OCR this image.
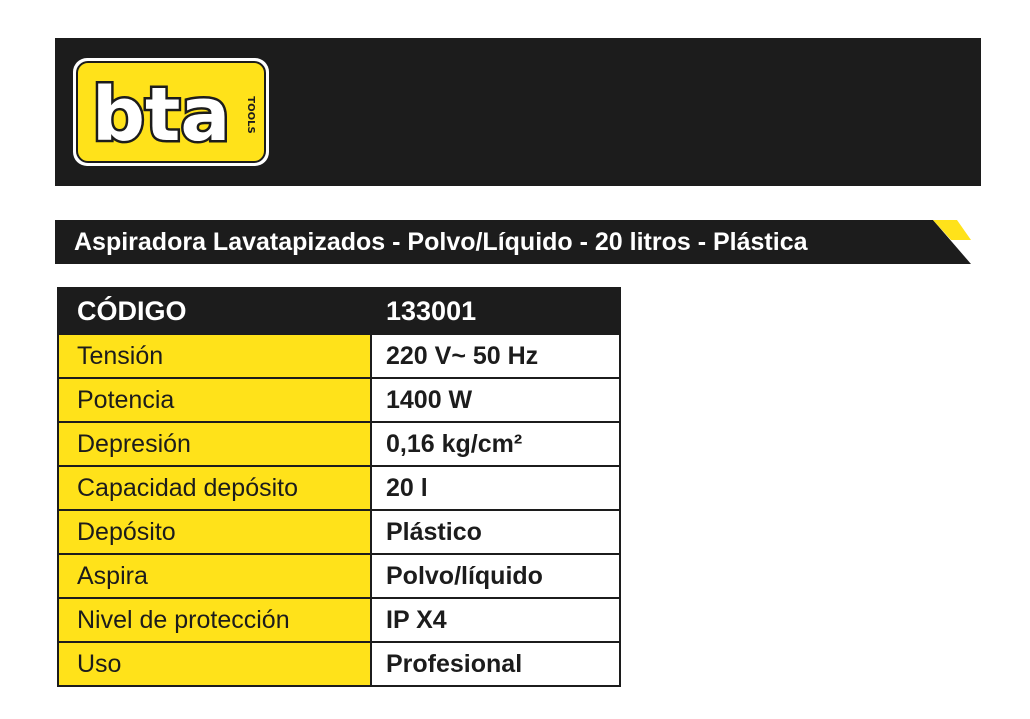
bta TOOLS
Aspiradora Lavatapizados - Polvo/Líquido - 20 litros - Plástica
CÓDIGO	133001
Tensión	220 V~ 50 Hz
Potencia	1400 W
Depresión	0,16 kg/cm²
Capacidad depósito	20 l
Depósito	Plástico
Aspira	Polvo/líquido
Nivel de protección	IP X4
Uso	Profesional
